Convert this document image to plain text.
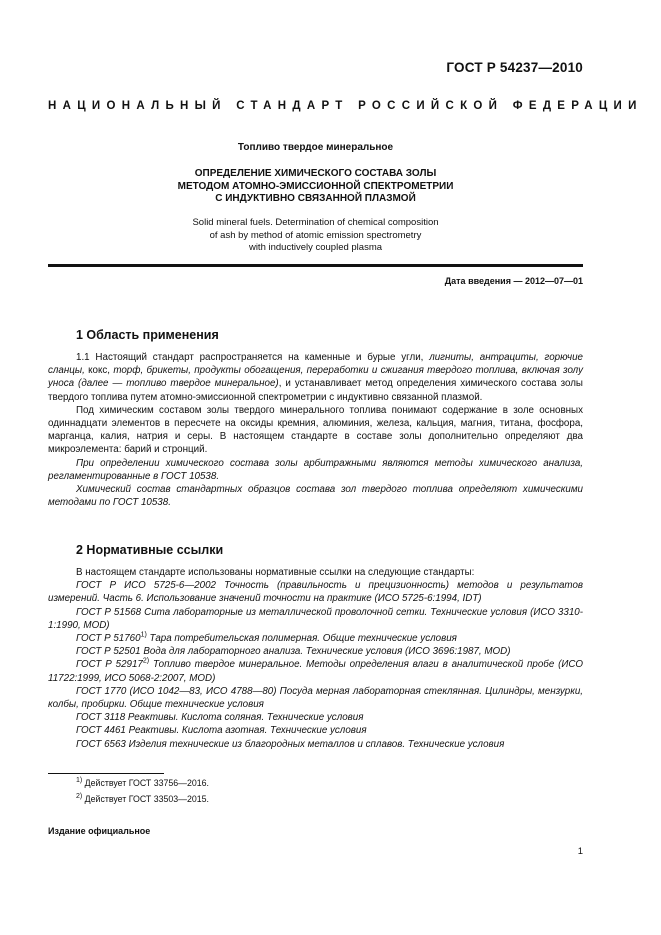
ГОСТ Р 54237—2010
НАЦИОНАЛЬНЫЙ СТАНДАРТ РОССИЙСКОЙ ФЕДЕРАЦИИ
Топливо твердое минеральное
ОПРЕДЕЛЕНИЕ ХИМИЧЕСКОГО СОСТАВА ЗОЛЫ
МЕТОДОМ АТОМНО-ЭМИССИОННОЙ СПЕКТРОМЕТРИИ
С ИНДУКТИВНО СВЯЗАННОЙ ПЛАЗМОЙ
Solid mineral fuels. Determination of chemical composition
of ash by method of atomic emission spectrometry
with inductively coupled plasma
Дата введения — 2012—07—01
1 Область применения

1.1 Настоящий стандарт распространяется на каменные и бурые угли, лигниты, антрациты, горючие сланцы, кокс, торф, брикеты, продукты обогащения, переработки и сжигания твердого топлива, включая золу уноса (далее — топливо твердое минеральное), и устанавливает метод определения химического состава золы твердого топлива путем атомно-эмиссионной спектрометрии с индуктивно связанной плазмой.

Под химическим составом золы твердого минерального топлива понимают содержание в золе основных одиннадцати элементов в пересчете на оксиды кремния, алюминия, железа, кальция, магния, титана, фосфора, марганца, калия, натрия и серы. В настоящем стандарте в составе золы дополнительно определяют два микроэлемента: барий и стронций.

При определении химического состава золы арбитражными являются методы химического анализа, регламентированные в ГОСТ 10538.

Химический состав стандартных образцов состава зол твердого топлива определяют химическими методами по ГОСТ 10538.

2 Нормативные ссылки

В настоящем стандарте использованы нормативные ссылки на следующие стандарты:

ГОСТ Р ИСО 5725-6—2002 Точность (правильность и прецизионность) методов и результатов измерений. Часть 6. Использование значений точности на практике (ИСО 5725-6:1994, IDT)

ГОСТ Р 51568 Сита лабораторные из металлической проволочной сетки. Технические условия (ИСО 3310-1:1990, MOD)

ГОСТ Р 51760$^{1)}$ Тара потребительская полимерная. Общие технические условия

ГОСТ Р 52501 Вода для лабораторного анализа. Технические условия (ИСО 3696:1987, MOD)

ГОСТ Р 52917$^{2)}$ Топливо твердое минеральное. Методы определения влаги в аналитической пробе (ИСО 11722:1999, ИСО 5068-2:2007, MOD)

ГОСТ 1770 (ИСО 1042—83, ИСО 4788—80) Посуда мерная лабораторная стеклянная. Цилиндры, мензурки, колбы, пробирки. Общие технические условия

ГОСТ 3118 Реактивы. Кислота соляная. Технические условия

ГОСТ 4461 Реактивы. Кислота азотная. Технические условия

ГОСТ 6563 Изделия технические из благородных металлов и сплавов. Технические условия

$^{1)}$ Действует ГОСТ 33756—2016.
$^{2)}$ Действует ГОСТ 33503—2015.
Издание официальное
1
